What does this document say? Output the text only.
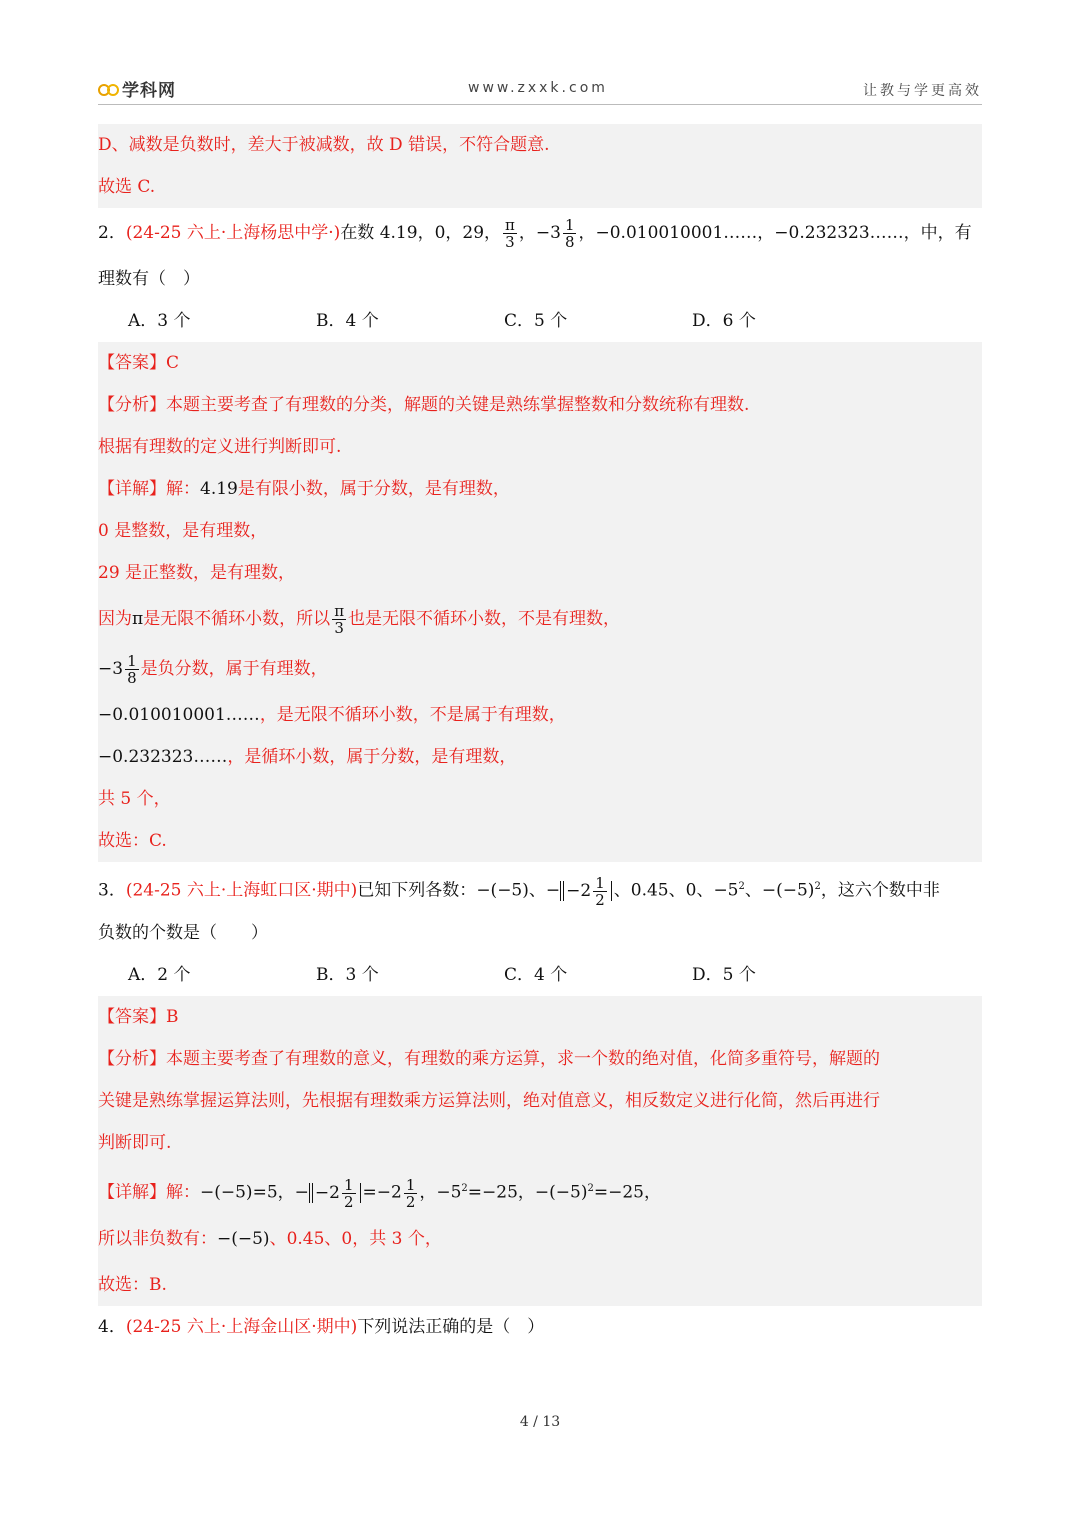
学科网	www.zxxk.com	让教与学更高效
D、减数是负数时，差大于被减数，故 D 错误，不符合题意.
故选 C.
2．(24-25 六上·上海杨思中学·)在数 4.19，0，29， $\frac{\pi}{3}$ ，$-3 \frac{1}{8}$ ，−0.010010001……，−0.232323……，中，有
理数有（　）
A．3 个	B．4 个	C．5 个	D．6 个
【答案】C
【分析】本题主要考查了有理数的分类，解题的关键是熟练掌握整数和分数统称有理数.
根据有理数的定义进行判断即可.
【详解】解：4.19是有限小数，属于分数，是有理数，
0 是整数，是有理数，
29 是正整数，是有理数，
因为π是无限不循环小数，所以 $\frac{\pi}{3}$ 也是无限不循环小数，不是有理数，
$-3 \frac{1}{8}$ 是负分数，属于有理数，
−0.010010001……，是无限不循环小数，不是属于有理数，
−0.232323……，是循环小数，属于分数，是有理数，
共 5 个，
故选：C.
3．(24-25 六上·上海虹口区·期中)已知下列各数：−(−5)、− $-2 \frac{1}{2}$ 、0.45、0、$-5^2$、$-(-5)^2$，这六个数中非
负数的个数是（　　）
A．2 个	B．3 个	C．4 个	D．5 个
【答案】B
【分析】本题主要考查了有理数的意义，有理数的乘方运算，求一个数的绝对值，化简多重符号，解题的
关键是熟练掌握运算法则，先根据有理数乘方运算法则，绝对值意义，相反数定义进行化简，然后再进行
判断即可.
【详解】解：−(−5)=5，− $-2 \frac{1}{2} =-2 \frac{1}{2}$ ，$-5^2=-25$，$-(-5)^2=-25$，
所以非负数有：−(−5)、0.45、0，共 3 个，
故选：B.
4．(24-25 六上·上海金山区·期中)下列说法正确的是（　）
4 / 13
